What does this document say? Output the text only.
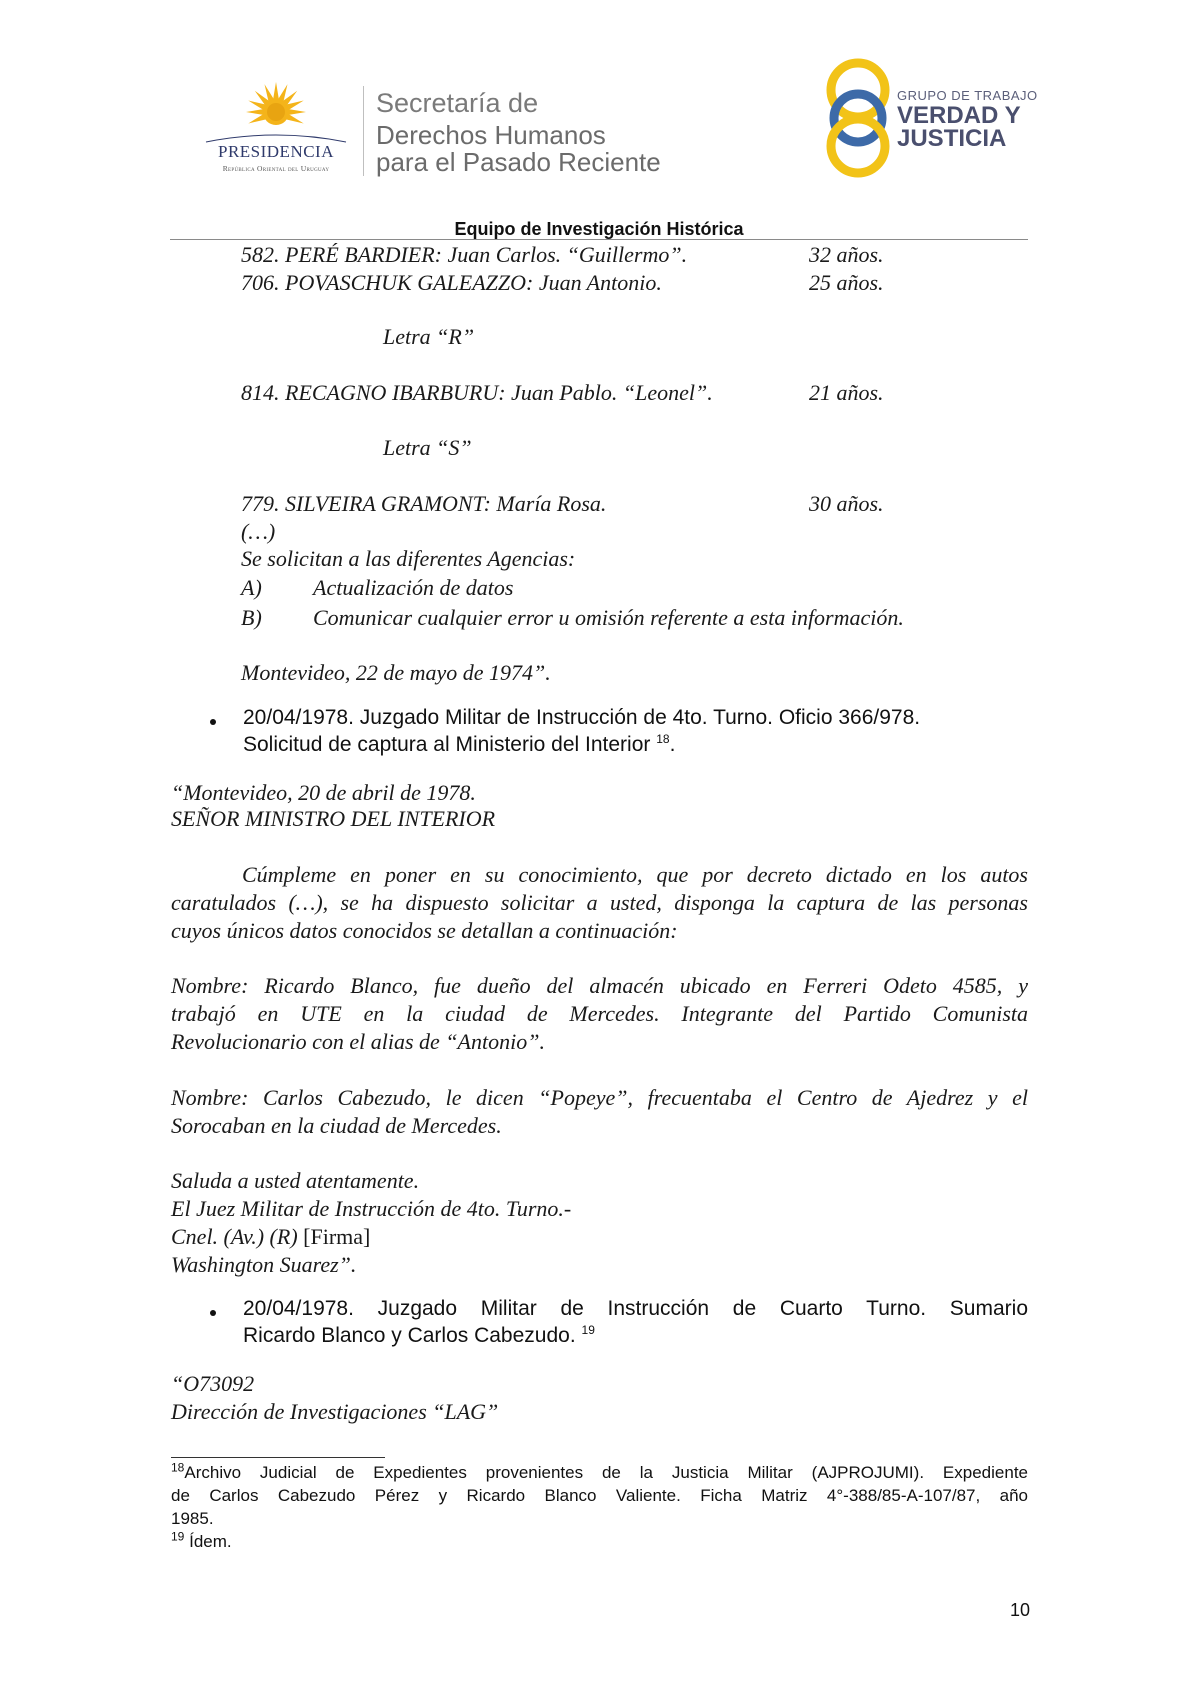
PRESIDENCIA
República Oriental del Uruguay
Secretaría de
Derechos Humanos
para el Pasado Reciente
GRUPO DE TRABAJO
VERDAD Y
JUSTICIA
Equipo de Investigación Histórica
582. PERÉ BARDIER: Juan Carlos. “Guillermo”.	32 años.
706. POVASCHUK GALEAZZO: Juan Antonio.	25 años.
Letra “R”
814. RECAGNO IBARBURU: Juan Pablo. “Leonel”.	21 años.
Letra “S”
779. SILVEIRA GRAMONT: María Rosa.	30 años.
(…)
Se solicitan a las diferentes Agencias:
A) Actualización de datos
B) Comunicar cualquier error u omisión referente a esta información.
Montevideo, 22 de mayo de 1974”.
20/04/1978. Juzgado Militar de Instrucción de 4to. Turno. Oficio 366/978.
Solicitud de captura al Ministerio del Interior $^{18}$.
“Montevideo, 20 de abril de 1978.
SEÑOR MINISTRO DEL INTERIOR
Cúmpleme en poner en su conocimiento, que por decreto dictado en los autos
caratulados (…), se ha dispuesto solicitar a usted, disponga la captura de las personas
cuyos únicos datos conocidos se detallan a continuación:
Nombre: Ricardo Blanco, fue dueño del almacén ubicado en Ferreri Odeto 4585, y
trabajó en UTE en la ciudad de Mercedes. Integrante del Partido Comunista
Revolucionario con el alias de “Antonio”.
Nombre: Carlos Cabezudo, le dicen “Popeye”, frecuentaba el Centro de Ajedrez y el
Sorocaban en la ciudad de Mercedes.
Saluda a usted atentamente.
El Juez Militar de Instrucción de 4to. Turno.-
Cnel. (Av.) (R) [Firma]
Washington Suarez”.
20/04/1978. Juzgado Militar de Instrucción de Cuarto Turno. Sumario
Ricardo Blanco y Carlos Cabezudo. $^{19}$
“O73092
Dirección de Investigaciones “LAG”
$^{18}$Archivo Judicial de Expedientes provenientes de la Justicia Militar (AJPROJUMI). Expediente
de Carlos Cabezudo Pérez y Ricardo Blanco Valiente. Ficha Matriz 4°-388/85-A-107/87, año
1985.
$^{19}$ Ídem.
10
